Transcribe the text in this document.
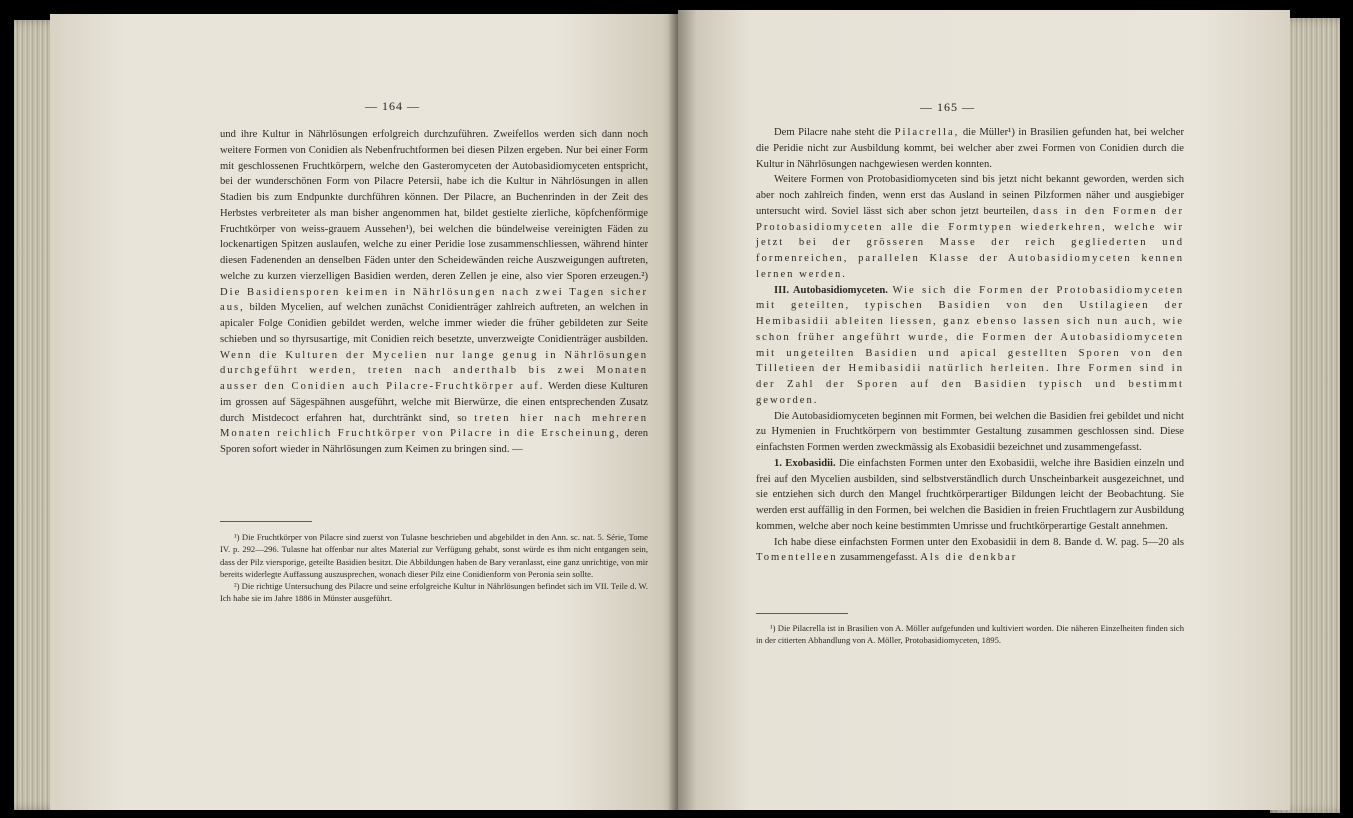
— 164 —

und ihre Kultur in Nährlösungen erfolgreich durchzuführen. Zweifellos werden sich dann noch weitere Formen von Conidien als Nebenfruchtformen bei diesen Pilzen ergeben. Nur bei einer Form mit geschlossenen Fruchtkörpern, welche den Gasteromyceten der Autobasidiomyceten entspricht, bei der wunderschönen Form von Pilacre Petersii, habe ich die Kultur in Nährlösungen in allen Stadien bis zum Endpunkte durchführen können. Der Pilacre, an Buchenrinden in der Zeit des Herbstes verbreiteter als man bisher angenommen hat, bildet gestielte zierliche, köpfchenförmige Fruchtkörper von weiss-grauem Aussehen¹), bei welchen die bündelweise vereinigten Fäden zu lockenartigen Spitzen auslaufen, welche zu einer Peridie lose zusammenschliessen, während hinter diesen Fadenenden an denselben Fäden unter den Scheidewänden reiche Auszweigungen auftreten, welche zu kurzen vierzelligen Basidien werden, deren Zellen je eine, also vier Sporen erzeugen.²) Die Basidiensporen keimen in Nährlösungen nach zwei Tagen sicher aus, bilden Mycelien, auf welchen zunächst Conidienträger zahlreich auftreten, an welchen in apicaler Folge Conidien gebildet werden, welche immer wieder die früher gebildeten zur Seite schieben und so thyrsusartige, mit Conidien reich besetzte, unverzweigte Conidienträger ausbilden. Wenn die Kulturen der Mycelien nur lange genug in Nährlösungen durchgeführt werden, treten nach anderthalb bis zwei Monaten ausser den Conidien auch Pilacre-Fruchtkörper auf. Werden diese Kulturen im grossen auf Sägespähnen ausgeführt, welche mit Bierwürze, die einen entsprechenden Zusatz durch Mistdecoct erfahren hat, durchtränkt sind, so treten hier nach mehreren Monaten reichlich Fruchtkörper von Pilacre in die Erscheinung, deren Sporen sofort wieder in Nährlösungen zum Keimen zu bringen sind. —

¹) Die Fruchtkörper von Pilacre sind zuerst von Tulasne beschrieben und abgebildet in den Ann. sc. nat. 5. Série, Tome IV. p. 292—296. Tulasne hat offenbar nur altes Material zur Verfügung gehabt, sonst würde es ihm nicht entgangen sein, dass der Pilz viersporige, geteilte Basidien besitzt. Die Abbildungen haben de Bary veranlasst, eine ganz unrichtige, von mir bereits widerlegte Auffassung auszusprechen, wonach dieser Pilz eine Conidienform von Peronia sein sollte.

²) Die richtige Untersuchung des Pilacre und seine erfolgreiche Kultur in Nährlösungen befindet sich im VII. Teile d. W. Ich habe sie im Jahre 1886 in Münster ausgeführt.

— 165 —

Dem Pilacre nahe steht die Pilacrella, die Müller¹) in Brasilien gefunden hat, bei welcher die Peridie nicht zur Ausbildung kommt, bei welcher aber zwei Formen von Conidien durch die Kultur in Nährlösungen nachgewiesen werden konnten.

Weitere Formen von Protobasidiomyceten sind bis jetzt nicht bekannt geworden, werden sich aber noch zahlreich finden, wenn erst das Ausland in seinen Pilzformen näher und ausgiebiger untersucht wird. Soviel lässt sich aber schon jetzt beurteilen, dass in den Formen der Protobasidiomyceten alle die Formtypen wiederkehren, welche wir jetzt bei der grösseren Masse der reich gegliederten und formenreichen, parallelen Klasse der Autobasidiomyceten kennen lernen werden.

III. Autobasidiomyceten. Wie sich die Formen der Protobasidiomyceten mit geteilten, typischen Basidien von den Ustilagieen der Hemibasidii ableiten liessen, ganz ebenso lassen sich nun auch, wie schon früher angeführt wurde, die Formen der Autobasidiomyceten mit ungeteilten Basidien und apical gestellten Sporen von den Tilletieen der Hemibasidii natürlich herleiten. Ihre Formen sind in der Zahl der Sporen auf den Basidien typisch und bestimmt geworden.

Die Autobasidiomyceten beginnen mit Formen, bei welchen die Basidien frei gebildet und nicht zu Hymenien in Fruchtkörpern von bestimmter Gestaltung zusammen geschlossen sind. Diese einfachsten Formen werden zweckmässig als Exobasidii bezeichnet und zusammengefasst.

1. Exobasidii. Die einfachsten Formen unter den Exobasidii, welche ihre Basidien einzeln und frei auf den Mycelien ausbilden, sind selbstverständlich durch Unscheinbarkeit ausgezeichnet, und sie entziehen sich durch den Mangel fruchtkörperartiger Bildungen leicht der Beobachtung. Sie werden erst auffällig in den Formen, bei welchen die Basidien in freien Fruchtlagern zur Ausbildung kommen, welche aber noch keine bestimmten Umrisse und fruchtkörperartige Gestalt annehmen.

Ich habe diese einfachsten Formen unter den Exobasidii in dem 8. Bande d. W. pag. 5—20 als Tomentelleen zusammengefasst. Als die denkbar

¹) Die Pilacrella ist in Brasilien von A. Möller aufgefunden und kultiviert worden. Die näheren Einzelheiten finden sich in der citierten Abhandlung von A. Möller, Protobasidiomyceten, 1895.
